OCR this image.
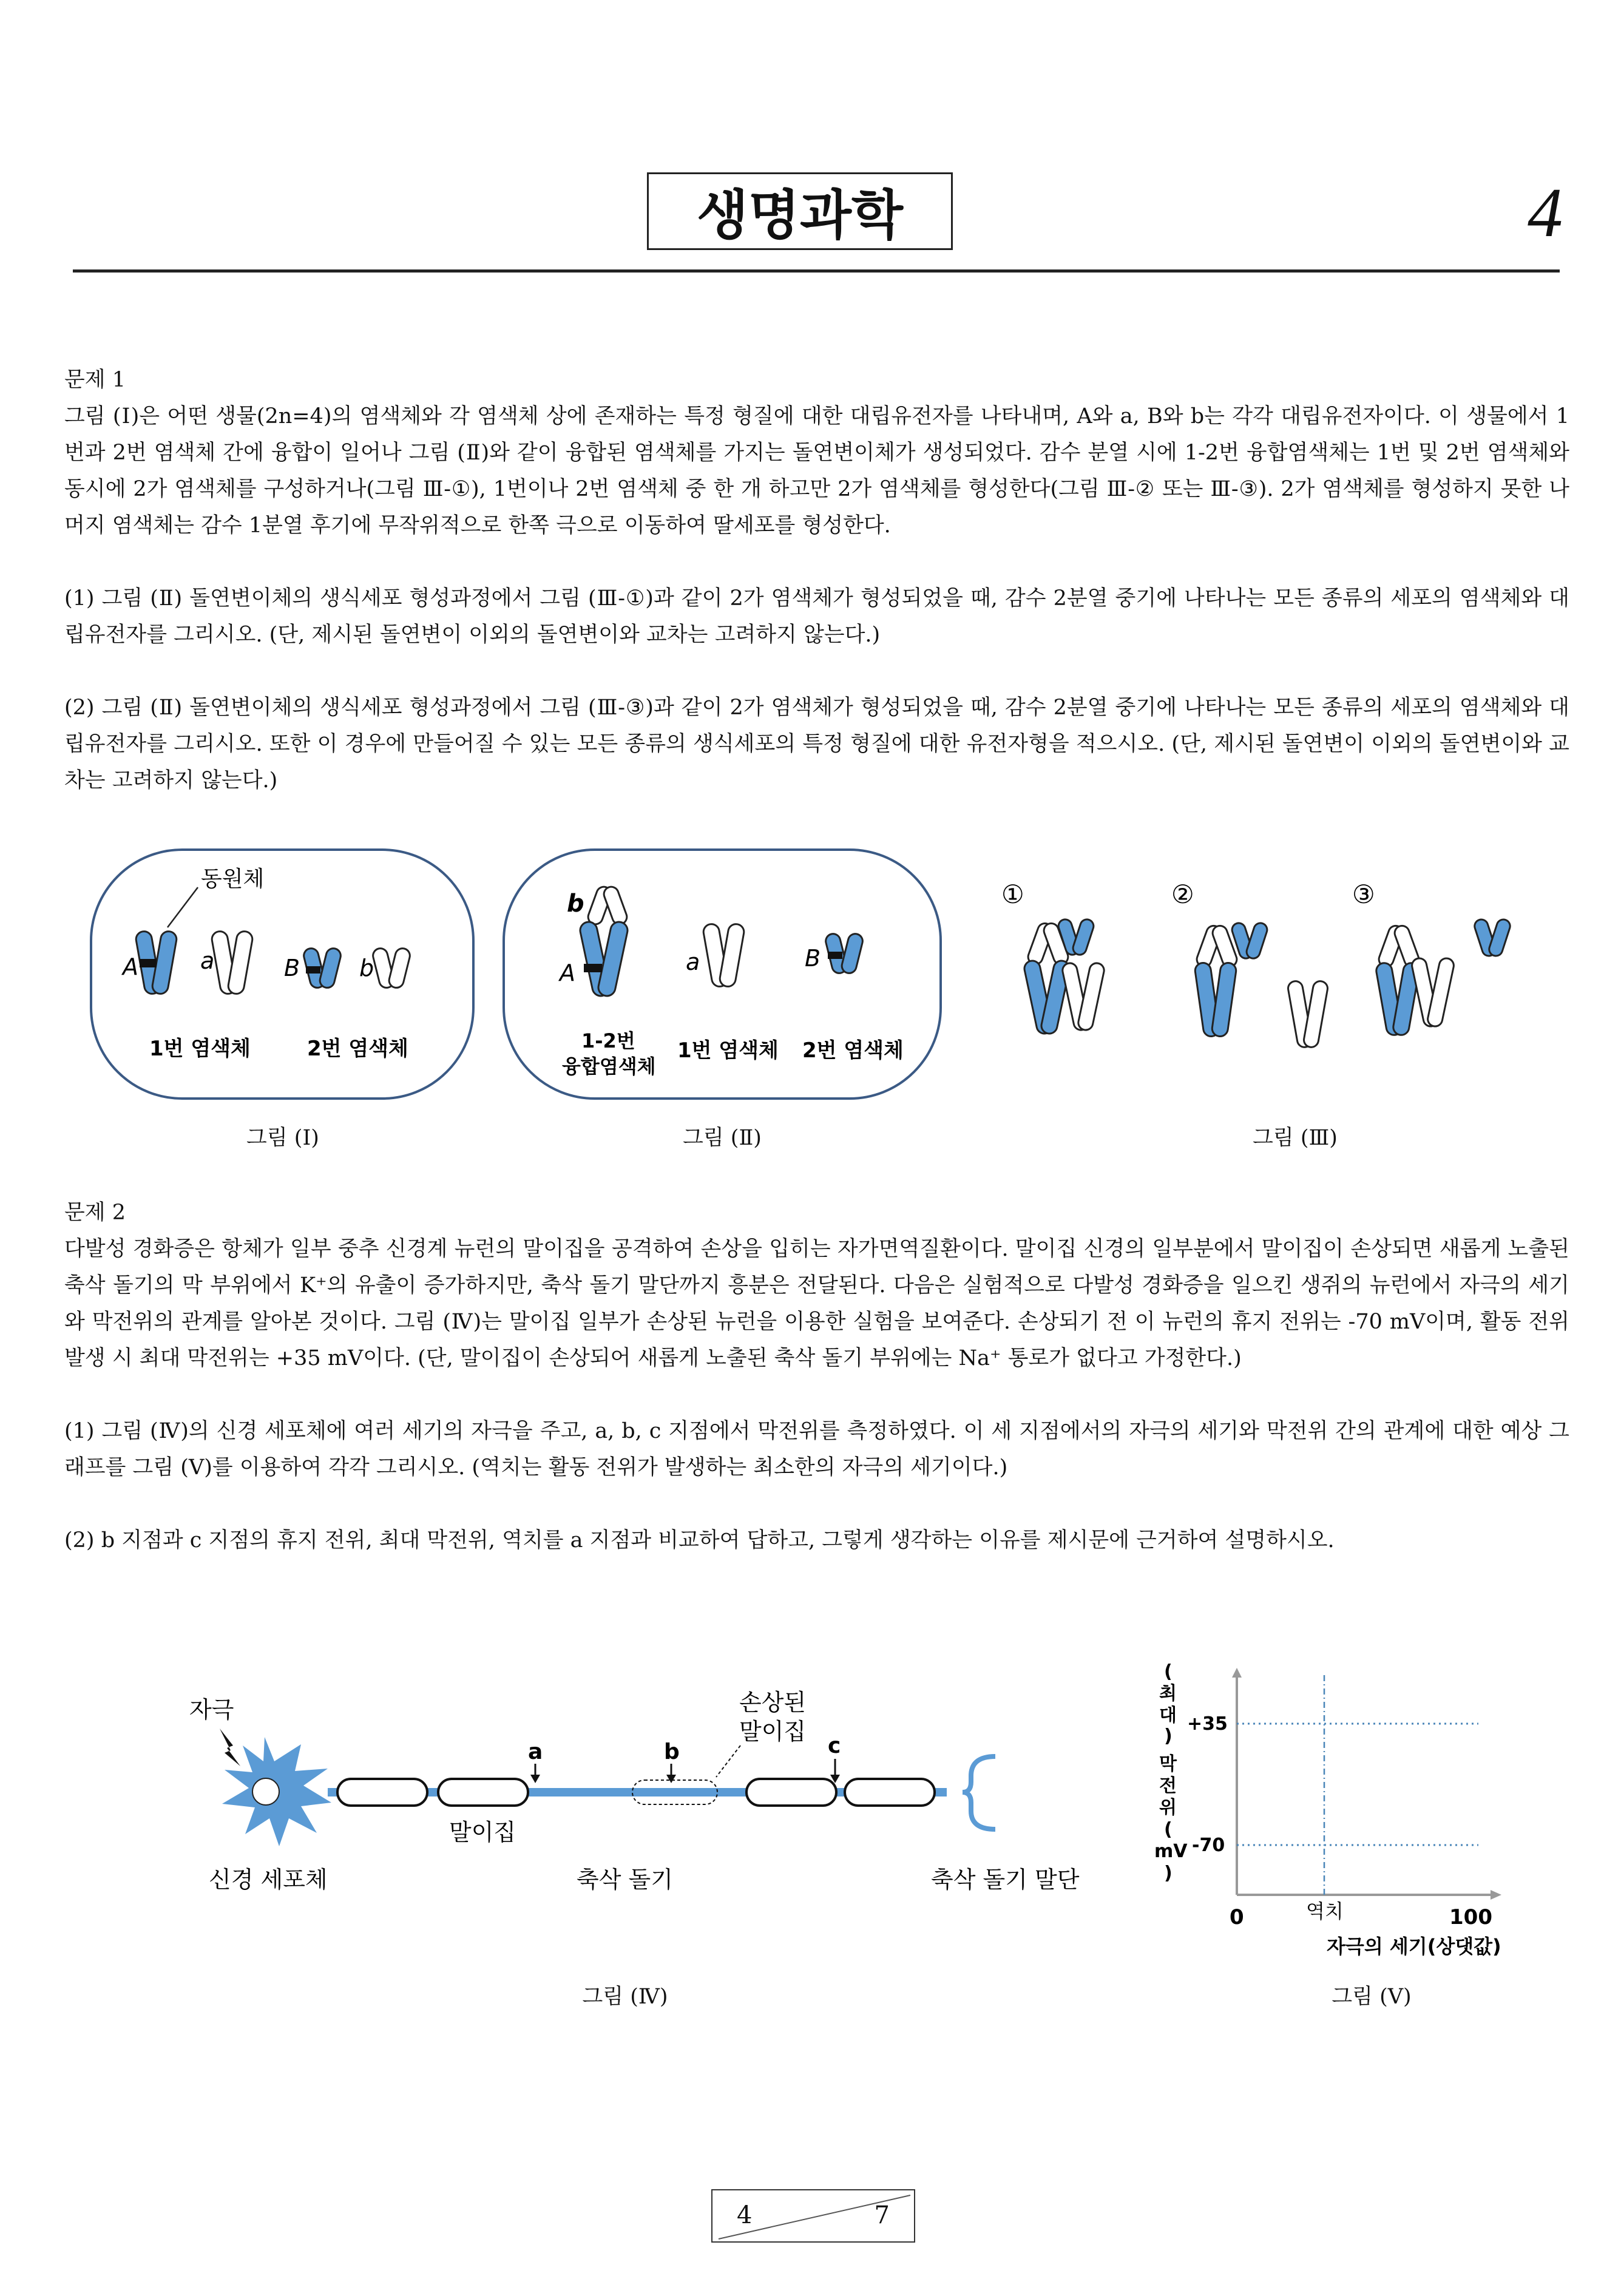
생명과학	4
문제 1

그림 (Ⅰ)은 어떤 생물(2n=4)의 염색체와 각 염색체 상에 존재하는 특정 형질에 대한 대립유전자를 나타내며, A와 a, B와 b는 각각 대립유전자이다. 이 생물에서 1번과 2번 염색체 간에 융합이 일어나 그림 (Ⅱ)와 같이 융합된 염색체를 가지는 돌연변이체가 생성되었다. 감수 분열 시에 1-2번 융합염색체는 1번 및 2번 염색체와 동시에 2가 염색체를 구성하거나(그림 Ⅲ-①), 1번이나 2번 염색체 중 한 개 하고만 2가 염색체를 형성한다(그림 Ⅲ-② 또는 Ⅲ-③). 2가 염색체를 형성하지 못한 나머지 염색체는 감수 1분열 후기에 무작위적으로 한쪽 극으로 이동하여 딸세포를 형성한다.

(1) 그림 (Ⅱ) 돌연변이체의 생식세포 형성과정에서 그림 (Ⅲ-①)과 같이 2가 염색체가 형성되었을 때, 감수 2분열 중기에 나타나는 모든 종류의 세포의 염색체와 대립유전자를 그리시오. (단, 제시된 돌연변이 이외의 돌연변이와 교차는 고려하지 않는다.)

(2) 그림 (Ⅱ) 돌연변이체의 생식세포 형성과정에서 그림 (Ⅲ-③)과 같이 2가 염색체가 형성되었을 때, 감수 2분열 중기에 나타나는 모든 종류의 세포의 염색체와 대립유전자를 그리시오. 또한 이 경우에 만들어질 수 있는 모든 종류의 생식세포의 특정 형질에 대한 유전자형을 적으시오. (단, 제시된 돌연변이 이외의 돌연변이와 교차는 고려하지 않는다.)

동원체
A	a	B	b
1번 염색체	2번 염색체
그림 (I)
b
A	a	B
1-2번
융합염색체
1번 염색체 2번 염색체
그림 (Ⅱ)
①	②	③
그림 (Ⅲ)
문제 2

다발성 경화증은 항체가 일부 중추 신경계 뉴런의 말이집을 공격하여 손상을 입히는 자가면역질환이다. 말이집 신경의 일부분에서 말이집이 손상되면 새롭게 노출된 축삭 돌기의 막 부위에서 K⁺의 유출이 증가하지만, 축삭 돌기 말단까지 흥분은 전달된다. 다음은 실험적으로 다발성 경화증을 일으킨 생쥐의 뉴런에서 자극의 세기와 막전위의 관계를 알아본 것이다. 그림 (Ⅳ)는 말이집 일부가 손상된 뉴런을 이용한 실험을 보여준다. 손상되기 전 이 뉴런의 휴지 전위는 -70 mV이며, 활동 전위 발생 시 최대 막전위는 +35 mV이다. (단, 말이집이 손상되어 새롭게 노출된 축삭 돌기 부위에는 Na⁺ 통로가 없다고 가정한다.)

(1) 그림 (Ⅳ)의 신경 세포체에 여러 세기의 자극을 주고, a, b, c 지점에서 막전위를 측정하였다. 이 세 지점에서의 자극의 세기와 막전위 간의 관계에 대한 예상 그래프를 그림 (Ⅴ)를 이용하여 각각 그리시오. (역치는 활동 전위가 발생하는 최소한의 자극의 세기이다.)

(2) b 지점과 c 지점의 휴지 전위, 최대 막전위, 역치를 a 지점과 비교하여 답하고, 그렇게 생각하는 이유를 제시문에 근거하여 설명하시오.

자극
a	b	c
손상된
말이집
말이집
신경 세포체	축삭 돌기	축삭 돌기 말단
그림 (Ⅳ)
(
최
대
)
막
전
위
(
mV
)
+35
-70
0	역치	100
자극의 세기(상댓값)
그림 (Ⅴ)
4	7
